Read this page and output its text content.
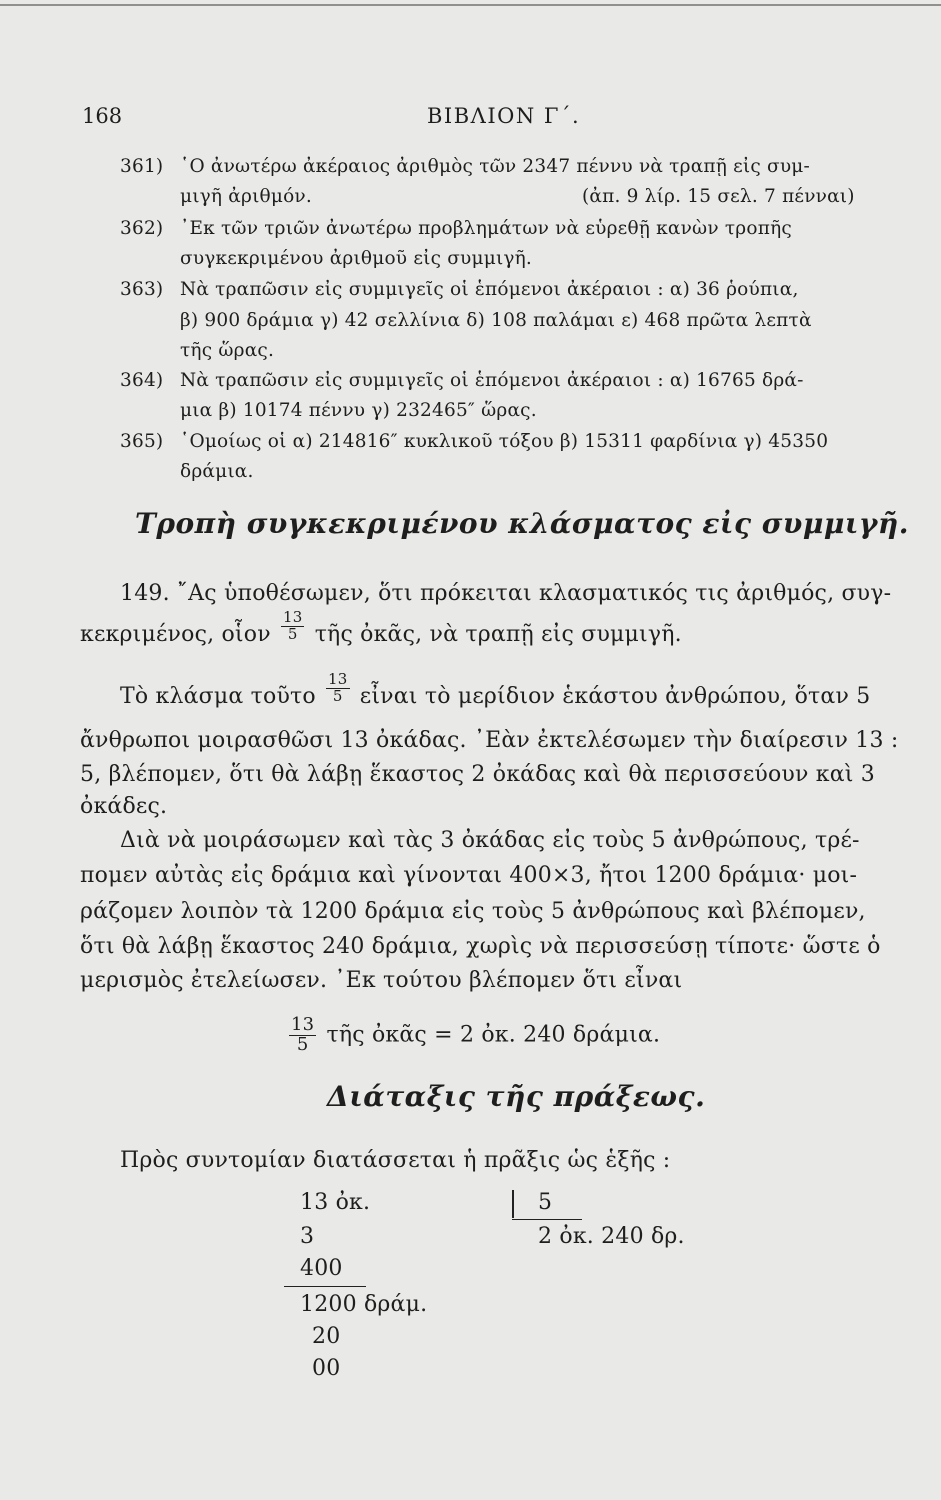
168	ΒΙΒΛΙΟΝ Γ΄.
361) ῾Ο ἀνωτέρω ἀκέραιος ἀριθμὸς τῶν 2347 πέννυ νὰ τραπῇ εἰς συμ-
μιγῆ ἀριθμόν.	(ἀπ. 9 λίρ. 15 σελ. 7 πένναι)
362) ᾿Εκ τῶν τριῶν ἀνωτέρω προβλημάτων νὰ εὑρεθῇ κανὼν τροπῆς
συγκεκριμένου ἀριθμοῦ εἰς συμμιγῆ.
363) Νὰ τραπῶσιν εἰς συμμιγεῖς οἱ ἑπόμενοι ἀκέραιοι : α) 36 ῥούπια,
β) 900 δράμια γ) 42 σελλίνια δ) 108 παλάμαι ε) 468 πρῶτα λεπτὰ
τῆς ὥρας.
364) Νὰ τραπῶσιν εἰς συμμιγεῖς οἱ ἑπόμενοι ἀκέραιοι : α) 16765 δρά-
μια β) 10174 πέννυ γ) 232465″ ὥρας.
365) ῾Ομοίως οἱ α) 214816″ κυκλικοῦ τόξου β) 15311 φαρδίνια γ) 45350
δράμια.
Τροπὴ συγκεκριμένου κλάσματος εἰς συμμιγῆ.
149. ῎Ας ὑποθέσωμεν, ὅτι πρόκειται κλασματικός τις ἀριθμός, συγ-
κεκριμένος, οἷον $\frac{13}{5}$ τῆς ὀκᾶς, νὰ τραπῇ εἰς συμμιγῆ.
Τὸ κλάσμα τοῦτο $\frac{13}{5}$ εἶναι τὸ μερίδιον ἑκάστου ἀνθρώπου, ὅταν 5
ἄνθρωποι μοιρασθῶσι 13 ὀκάδας. ᾿Εὰν ἐκτελέσωμεν τὴν διαίρεσιν 13 :
5, βλέπομεν, ὅτι θὰ λάβῃ ἕκαστος 2 ὀκάδας καὶ θὰ περισσεύουν καὶ 3
ὀκάδες.
Διὰ νὰ μοιράσωμεν καὶ τὰς 3 ὀκάδας εἰς τοὺς 5 ἀνθρώπους, τρέ-
πομεν αὐτὰς εἰς δράμια καὶ γίνονται 400×3, ἤτοι 1200 δράμια· μοι-
ράζομεν λοιπὸν τὰ 1200 δράμια εἰς τοὺς 5 ἀνθρώπους καὶ βλέπομεν,
ὅτι θὰ λάβῃ ἕκαστος 240 δράμια, χωρὶς νὰ περισσεύσῃ τίποτε· ὥστε ὁ
μερισμὸς ἐτελείωσεν. ᾿Εκ τούτου βλέπομεν ὅτι εἶναι
$\frac{13}{5}$ τῆς ὀκᾶς = 2 ὀκ. 240 δράμια.
Διάταξις τῆς πράξεως.
Πρὸς συντομίαν διατάσσεται ἡ πρᾶξις ὡς ἑξῆς :
13 ὀκ.	5
3	2 ὀκ. 240 δρ.
400
1200 δράμ.
20
00
